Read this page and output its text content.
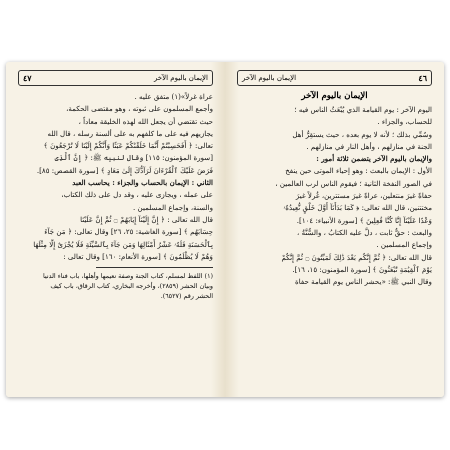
الإيمان باليوم الآخر
٤٧
عراة غرلاً»(١) متفق عليه .
وأجمع المسلمون على ثبوته ، وهو مقتضى الحكمة،
حيث تقتضي أن يجعل الله لهذه الخليقة معاداً ،
يجازيهم فيه على ما كلفهم به على ألسنة رسله ، قال الله
تعالى: ﴿ أَفَحَسِبْتُمْ أَنَّمَا خَلَقْنَٰكُمْ عَبَثًا وَأَنَّكُمْ إِلَيْنَا لَا تُرْجَعُونَ ﴾
[سورة المؤمنون: ١١٥] وقال لنبيه ﷺ: ﴿ إِنَّ ٱلَّذِى
فَرَضَ عَلَيْكَ ٱلْقُرْءَانَ لَرَآدُّكَ إِلَىٰ مَعَادٍ ﴾ [سورة القصص: ٨٥].
الثاني : الإيمان بالحساب والجزاء : يحاسب العبد
على عمله ، ويجازى عليه ، وقد دل على ذلك الكتاب،
والسنة، وإجماع المسلمين .
قال الله تعالى : ﴿ إِنَّ إِلَيْنَآ إِيَابَهُمْ ۝ ثُمَّ إِنَّ عَلَيْنَا
حِسَابَهُم ﴾ [سورة الغاشية: ٢٥، ٢٦] وقال تعالى: ﴿ مَن جَآءَ
بِٱلْحَسَنَةِ فَلَهُۥ عَشْرُ أَمْثَالِهَا وَمَن جَآءَ بِٱلسَّيِّئَةِ فَلَا يُجْزَىٰٓ إِلَّا مِثْلَهَا
وَهُمْ لَا يُظْلَمُونَ ﴾ [سورة الأنعام: ١٦٠] وقال تعالى :
(١) اللفظ لمسلم، كتاب الجنة وصفة نعيمها وأهلها، باب فناء الدنيا
وبيان الحشر (٢٨٥٩)، وأخرجه البخاري، كتاب الرقاق، باب كيف
الحشر رقم (٦٥٢٧).
٤٦
الإيمان باليوم الآخر
الإيمان باليوم الآخر
اليوم الآخر : يوم القيامة الذي يُبْعَثُ الناس فيه ؛
للحساب، والجزاء .
وسُمِّي بذلك ؛ لأنه لا يوم بعده ، حيث يستقِرُّ أهل
الجنة في منازلهم ، وأهل النار في منازلهم .
والإيمان باليوم الآخر يتضمن ثلاثة أمور :
الأول : الإيمان بالبعث : وهو إحياء الموتى حين ينفخ
في الصور النفخة الثانية ؛ فيقوم الناس لرب العالمين ،
حفاةً غيرَ منتعلين، عراةً غيرَ مستترين، غُرلاً غيرَ
مختتنين، قال الله تعالى: ﴿ كَمَا بَدَأْنَآ أَوَّلَ خَلْقٍ نُّعِيدُهُۥ
وَعْدًا عَلَيْنَآ إِنَّا كُنَّا فَٰعِلِينَ ﴾ [سورة الأنبياء: ١٠٤].
والبعث : حقٌّ ثابت ، دلَّ عليه الكتابُ ، والسُّنَّةُ ،
وإجماع المسلمين .
قال الله تعالى: ﴿ ثُمَّ إِنَّكُم بَعْدَ ذَٰلِكَ لَمَيِّتُونَ ۝ ثُمَّ إِنَّكُمْ
يَوْمَ ٱلْقِيَٰمَةِ تُبْعَثُونَ ﴾ [سورة المؤمنون: ١٥، ١٦].
وقال النبي ﷺ: «يحشر الناس يوم القيامة حفاة
